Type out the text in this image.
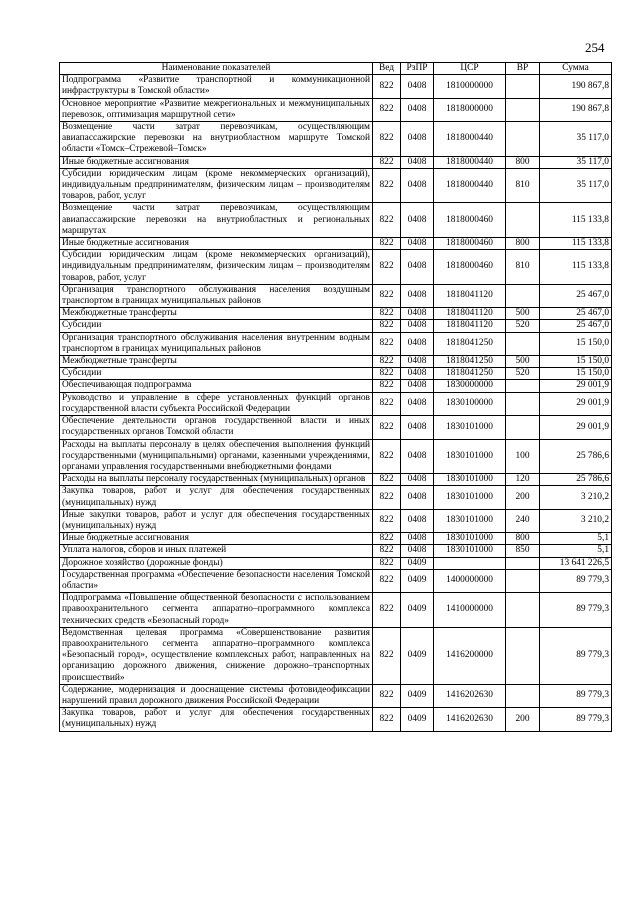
254
Наименование показателей	Вед	РзПР	ЦСР	ВР	Сумма
Подпрограмма «Развитие транспортной и коммуникационной инфраструктуры в Томской области»	822	0408	1810000000		190 867,8
Основное мероприятие «Развитие межрегиональных и межмуниципальных перевозок, оптимизация маршрутной сети»	822	0408	1818000000		190 867,8
Возмещение части затрат перевозчикам, осуществляющим авиапассажирские перевозки на внутриобластном маршруте Томской области «Томск–Стрежевой–Томск»	822	0408	1818000440		35 117,0
Иные бюджетные ассигнования	822	0408	1818000440	800	35 117,0
Субсидии юридическим лицам (кроме некоммерческих организаций), индивидуальным предпринимателям, физическим лицам – производителям товаров, работ, услуг	822	0408	1818000440	810	35 117,0
Возмещение части затрат перевозчикам, осуществляющим авиапассажирские перевозки на внутриобластных и региональных маршрутах	822	0408	1818000460		115 133,8
Иные бюджетные ассигнования	822	0408	1818000460	800	115 133,8
Субсидии юридическим лицам (кроме некоммерческих организаций), индивидуальным предпринимателям, физическим лицам – производителям товаров, работ, услуг	822	0408	1818000460	810	115 133,8
Организация транспортного обслуживания населения воздушным транспортом в границах муниципальных районов	822	0408	1818041120		25 467,0
Межбюджетные трансферты	822	0408	1818041120	500	25 467,0
Субсидии	822	0408	1818041120	520	25 467,0
Организация транспортного обслуживания населения внутренним водным транспортом в границах муниципальных районов	822	0408	1818041250		15 150,0
Межбюджетные трансферты	822	0408	1818041250	500	15 150,0
Субсидии	822	0408	1818041250	520	15 150,0
Обеспечивающая подпрограмма	822	0408	1830000000		29 001,9
Руководство и управление в сфере установленных функций органов государственной власти субъекта Российской Федерации	822	0408	1830100000		29 001,9
Обеспечение деятельности органов государственной власти и иных государственных органов Томской области	822	0408	1830101000		29 001,9
Расходы на выплаты персоналу в целях обеспечения выполнения функций государственными (муниципальными) органами, казенными учреждениями, органами управления государственными внебюджетными фондами	822	0408	1830101000	100	25 786,6
Расходы на выплаты персоналу государственных (муниципальных) органов	822	0408	1830101000	120	25 786,6
Закупка товаров, работ и услуг для обеспечения государственных (муниципальных) нужд	822	0408	1830101000	200	3 210,2
Иные закупки товаров, работ и услуг для обеспечения государственных (муниципальных) нужд	822	0408	1830101000	240	3 210,2
Иные бюджетные ассигнования	822	0408	1830101000	800	5,1
Уплата налогов, сборов и иных платежей	822	0408	1830101000	850	5,1
Дорожное хозяйство (дорожные фонды)	822	0409			13 641 226,5
Государственная программа «Обеспечение безопасности населения Томской области»	822	0409	1400000000		89 779,3
Подпрограмма «Повышение общественной безопасности с использованием правоохранительного сегмента аппаратно–программного комплекса технических средств «Безопасный город»	822	0409	1410000000		89 779,3
Ведомственная целевая программа «Совершенствование развития правоохранительного сегмента аппаратно–программного комплекса «Безопасный город», осуществление комплексных работ, направленных на организацию дорожного движения, снижение дорожно–транспортных происшествий»	822	0409	1416200000		89 779,3
Содержание, модернизация и дооснащение системы фотовидеофиксации нарушений правил дорожного движения Российской Федерации	822	0409	1416202630		89 779,3
Закупка товаров, работ и услуг для обеспечения государственных (муниципальных) нужд	822	0409	1416202630	200	89 779,3
